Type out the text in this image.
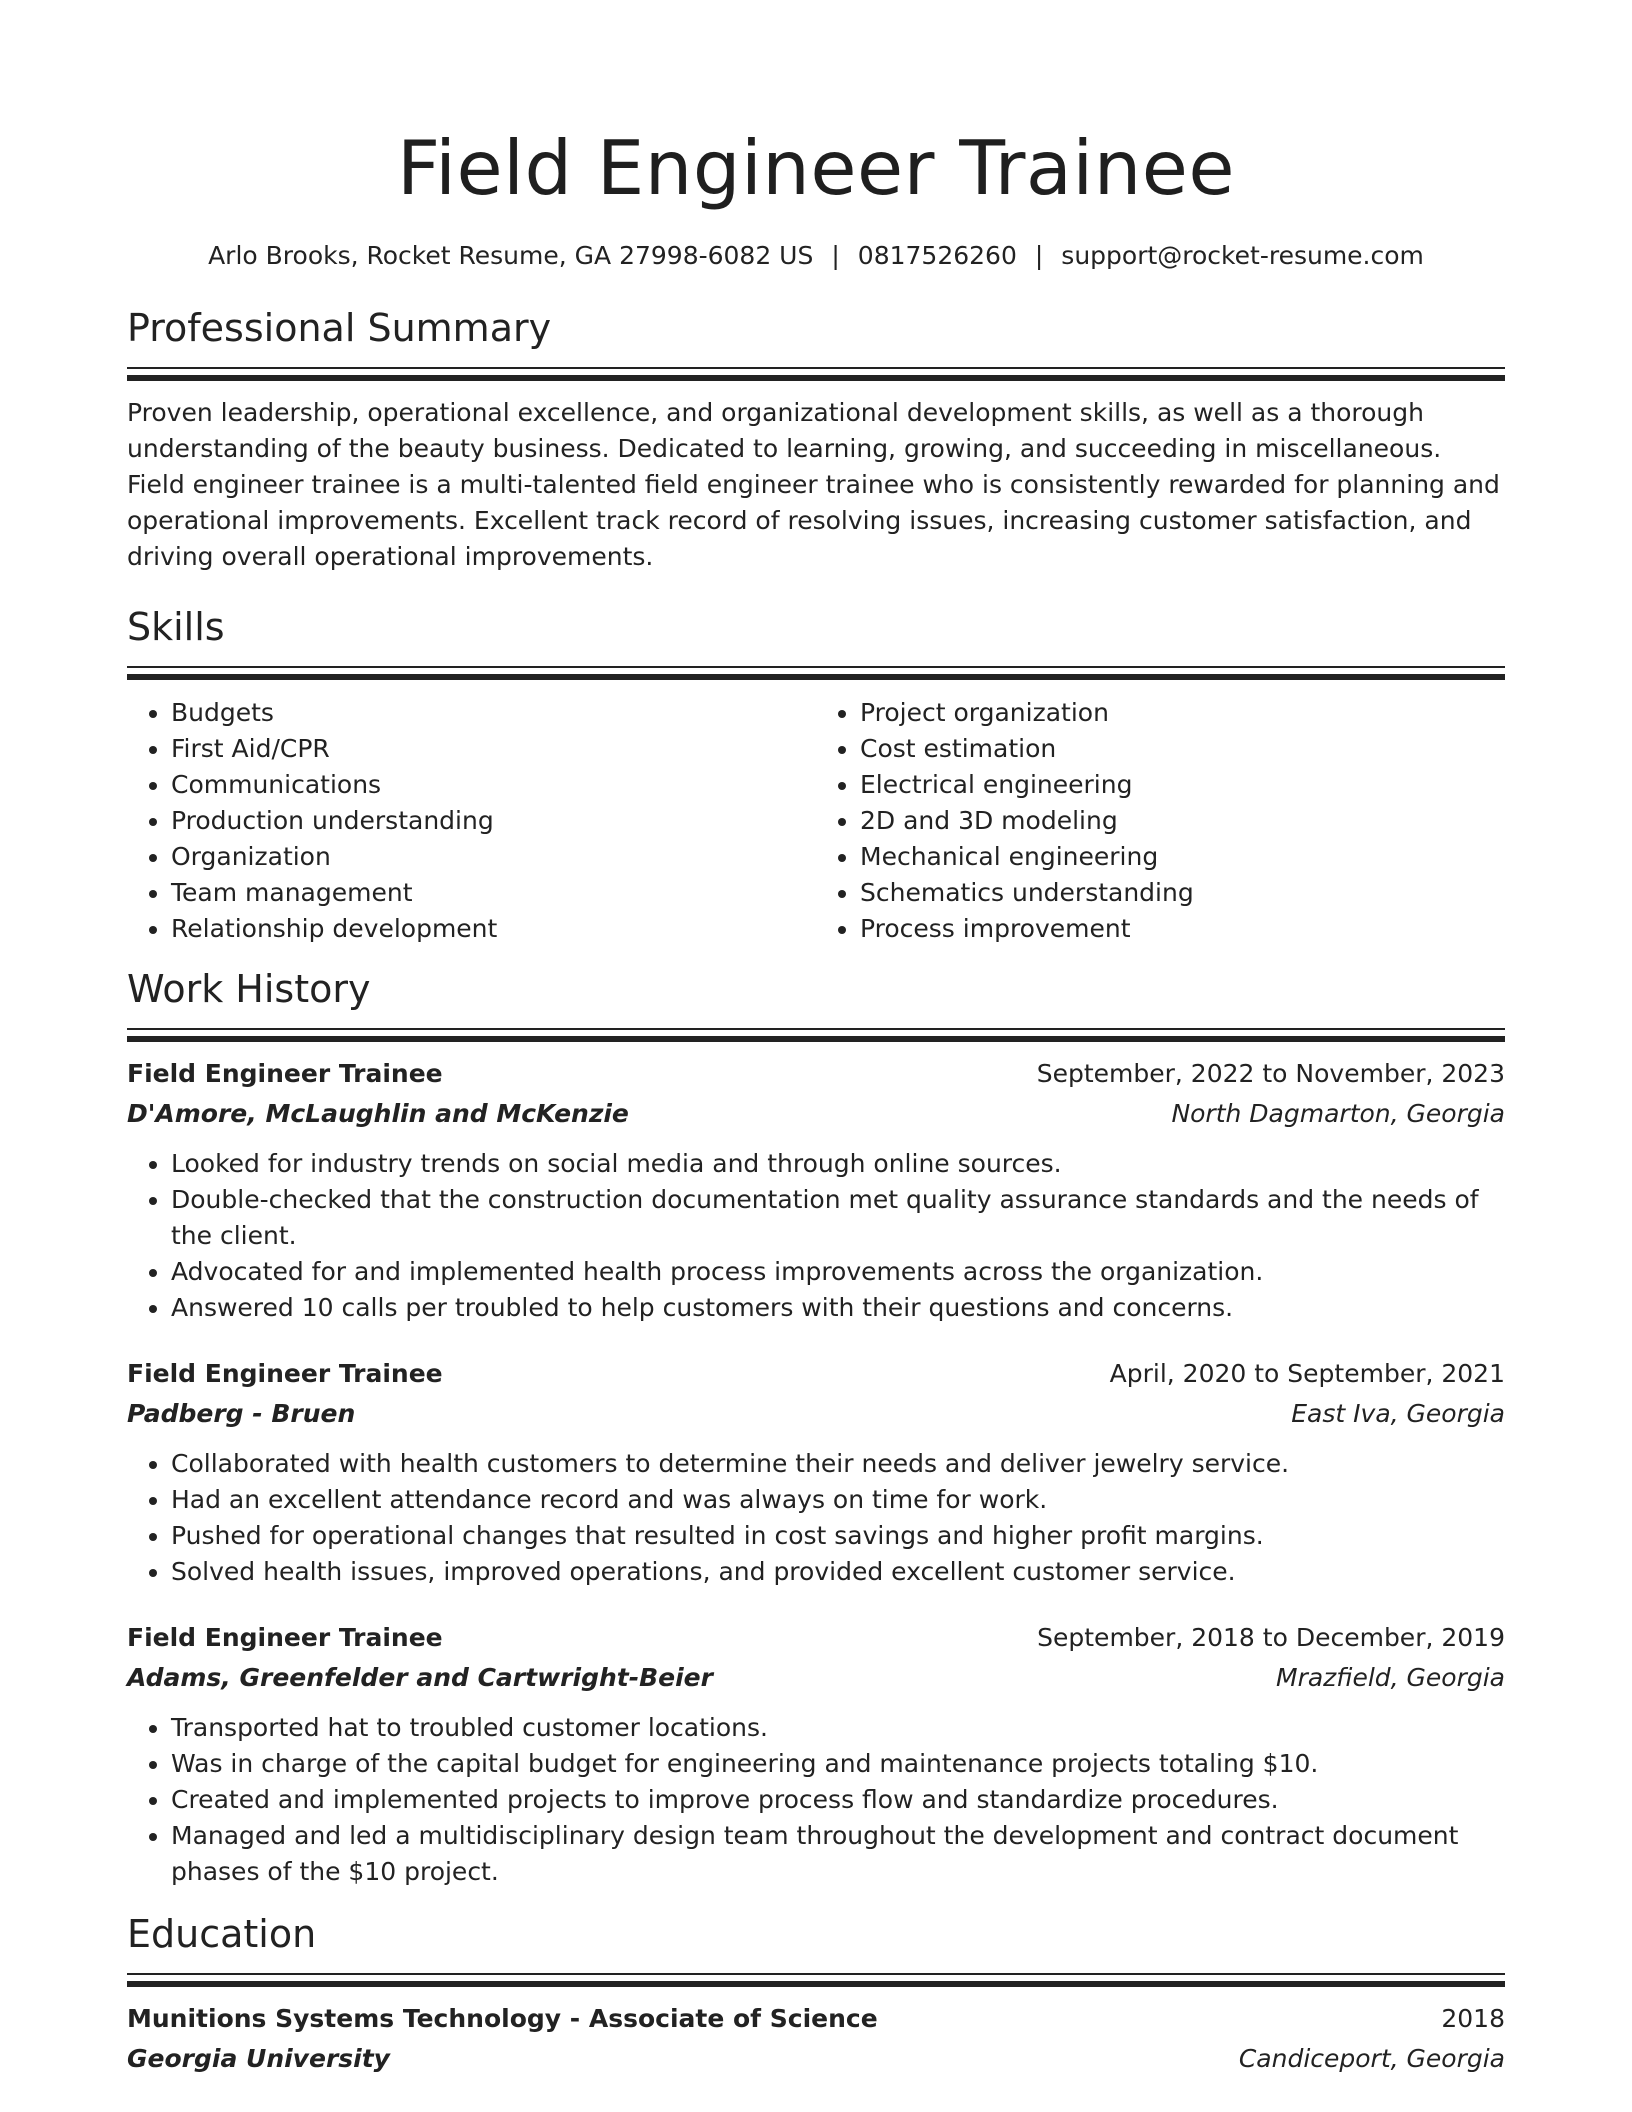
Field Engineer Trainee
Arlo Brooks, Rocket Resume, GA 27998-6082 US | 0817526260 | support@rocket-resume.com
Professional Summary
Proven leadership, operational excellence, and organizational development skills, as well as a thorough understanding of the beauty business. Dedicated to learning, growing, and succeeding in miscellaneous. Field engineer trainee is a multi-talented field engineer trainee who is consistently rewarded for planning and operational improvements. Excellent track record of resolving issues, increasing customer satisfaction, and driving overall operational improvements.
Skills
• Budgets
• First Aid/CPR
• Communications
• Production understanding
• Organization
• Team management
• Relationship development
• Project organization
• Cost estimation
• Electrical engineering
• 2D and 3D modeling
• Mechanical engineering
• Schematics understanding
• Process improvement
Work History
Field Engineer Trainee	September, 2022 to November, 2023
D'Amore, McLaughlin and McKenzie	North Dagmarton, Georgia
• Looked for industry trends on social media and through online sources.
• Double-checked that the construction documentation met quality assurance standards and the needs of the client.
• Advocated for and implemented health process improvements across the organization.
• Answered 10 calls per troubled to help customers with their questions and concerns.
Field Engineer Trainee	April, 2020 to September, 2021
Padberg - Bruen	East Iva, Georgia
• Collaborated with health customers to determine their needs and deliver jewelry service.
• Had an excellent attendance record and was always on time for work.
• Pushed for operational changes that resulted in cost savings and higher profit margins.
• Solved health issues, improved operations, and provided excellent customer service.
Field Engineer Trainee	September, 2018 to December, 2019
Adams, Greenfelder and Cartwright-Beier	Mrazfield, Georgia
• Transported hat to troubled customer locations.
• Was in charge of the capital budget for engineering and maintenance projects totaling $10.
• Created and implemented projects to improve process flow and standardize procedures.
• Managed and led a multidisciplinary design team throughout the development and contract document phases of the $10 project.
Education
Munitions Systems Technology - Associate of Science	2018
Georgia University	Candiceport, Georgia
